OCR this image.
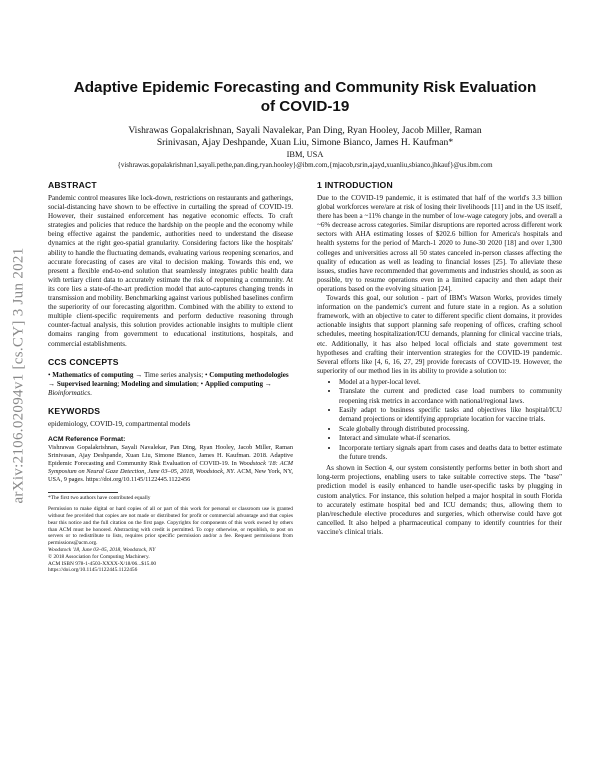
arXiv:2106.02094v1 [cs.CY] 3 Jun 2021
Adaptive Epidemic Forecasting and Community Risk Evaluation
of COVID-19
Vishrawas Gopalakrishnan, Sayali Navalekar, Pan Ding, Ryan Hooley, Jacob Miller, Raman
Srinivasan, Ajay Deshpande, Xuan Liu, Simone Bianco, James H. Kaufman*
IBM, USA
{vishrawas.gopalakrishnan1,sayali.pethe,pan.ding,ryan.hooley}@ibm.com,{mjacob,rsrin,ajayd,xuanliu,sbianco,jhkauf}@us.ibm.com
ABSTRACT

Pandemic control measures like lock-down, restrictions on restaurants and gatherings, social-distancing have shown to be effective in curtailing the spread of COVID-19. However, their sustained enforcement has negative economic effects. To craft strategies and policies that reduce the hardship on the people and the economy while being effective against the pandemic, authorities need to understand the disease dynamics at the right geo-spatial granularity. Considering factors like the hospitals' ability to handle the fluctuating demands, evaluating various reopening scenarios, and accurate forecasting of cases are vital to decision making. Towards this end, we present a flexible end-to-end solution that seamlessly integrates public health data with tertiary client data to accurately estimate the risk of reopening a community. At its core lies a state-of-the-art prediction model that auto-captures changing trends in transmission and mobility. Benchmarking against various published baselines confirm the superiority of our forecasting algorithm. Combined with the ability to extend to multiple client-specific requirements and perform deductive reasoning through counter-factual analysis, this solution provides actionable insights to multiple client domains ranging from government to educational institutions, hospitals, and commercial establishments.

CCS CONCEPTS
• Mathematics of computing → Time series analysis; • Computing methodologies → Supervised learning; Modeling and simulation; • Applied computing → Bioinformatics.
KEYWORDS

epidemiology, COVID-19, compartmental models

ACM Reference Format:
Vishrawas Gopalakrishnan, Sayali Navalekar, Pan Ding, Ryan Hooley, Jacob Miller, Raman Srinivasan, Ajay Deshpande, Xuan Liu, Simone Bianco, James H. Kaufman. 2018. Adaptive Epidemic Forecasting and Community Risk Evaluation of COVID-19. In Woodstock '18: ACM Symposium on Neural Gaze Detection, June 03–05, 2018, Woodstock, NY. ACM, New York, NY, USA, 9 pages. https://doi.org/10.1145/1122445.1122456
*The first two authors have contributed equally
Permission to make digital or hard copies of all or part of this work for personal or classroom use is granted without fee provided that copies are not made or distributed for profit or commercial advantage and that copies bear this notice and the full citation on the first page. Copyrights for components of this work owned by others than ACM must be honored. Abstracting with credit is permitted. To copy otherwise, or republish, to post on servers or to redistribute to lists, requires prior specific permission and/or a fee. Request permissions from permissions@acm.org.
Woodstock '18, June 03–05, 2018, Woodstock, NY
© 2018 Association for Computing Machinery.
ACM ISBN 978-1-4503-XXXX-X/18/06...$15.00
https://doi.org/10.1145/1122445.1122456
1 INTRODUCTION

Due to the COVID-19 pandemic, it is estimated that half of the world's 3.3 billion global workforces were/are at risk of losing their livelihoods [11] and in the US itself, there has been a ~11% change in the number of low-wage category jobs, and overall a ~6% decrease across categories. Similar disruptions are reported across different work sectors with AHA estimating losses of $202.6 billion for America's hospitals and health systems for the period of March-1 2020 to June-30 2020 [18] and over 1,300 colleges and universities across all 50 states canceled in-person classes affecting the quality of education as well as leading to financial losses [25]. To alleviate these issues, studies have recommended that governments and industries should, as soon as possible, try to resume operations even in a limited capacity and then adapt their operations based on the evolving situation [24].

Towards this goal, our solution - part of IBM's Watson Works, provides timely information on the pandemic's current and future state in a region. As a solution framework, with an objective to cater to different specific client domains, it provides actionable insights that support planning safe reopening of offices, crafting school schedules, meeting hospitalization/ICU demands, planning for clinical vaccine trials, etc. Additionally, it has also helped local officials and state government test hypotheses and crafting their intervention strategies for the COVID-19 pandemic. Several efforts like [4, 6, 16, 27, 29] provide forecasts of COVID-19. However, the superiority of our method lies in its ability to provide a solution to:

• Model at a hyper-local level.
• Translate the current and predicted case load numbers to community reopening risk metrics in accordance with national/regional laws.
• Easily adapt to business specific tasks and objectives like hospital/ICU demand projections or identifying appropriate location for vaccine trials.
• Scale globally through distributed processing.
• Interact and simulate what-if scenarios.
• Incorporate tertiary signals apart from cases and deaths data to better estimate the future trends.

As shown in Section 4, our system consistently performs better in both short and long-term projections, enabling users to take suitable corrective steps. The "base" prediction model is easily enhanced to handle user-specific tasks by plugging in custom analytics. For instance, this solution helped a major hospital in south Florida to accurately estimate hospital bed and ICU demands; thus, allowing them to plan/reschedule elective procedures and surgeries, which otherwise could have got cancelled. It also helped a pharmaceutical company to identify countries for their vaccine's clinical trials.
